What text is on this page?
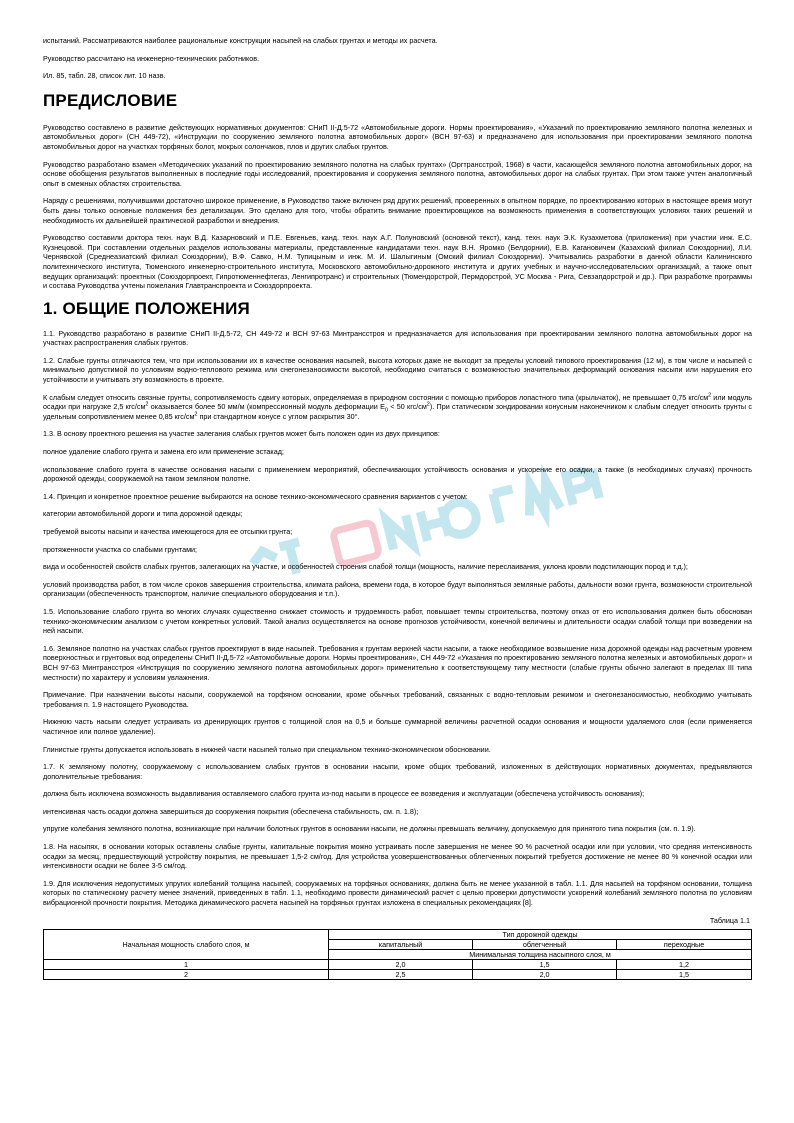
испытаний. Рассматриваются наиболее рациональные конструкции насыпей на слабых грунтах и методы их расчета.

Руководство рассчитано на инженерно-технических работников.

Ил. 85, табл. 28, список лит. 10 назв.

ПРЕДИСЛОВИЕ

Руководство составлено в развитие действующих нормативных документов: СНиП II-Д.5-72 «Автомобильные дороги. Нормы проектирования», «Указаний по проектированию земляного полотна железных и автомобильных дорог» (СН 449-72), «Инструкции по сооружению земляного полотна автомобильных дорог» (ВСН 97-63) и предназначено для использования при проектировании земляного полотна автомобильных дорог на участках торфяных болот, мокрых солончаков, плов и других слабых грунтов.

Руководство разработано взамен «Методических указаний по проектированию земляного полотна на слабых грунтах» (Оргтрансстрой, 1968) в части, касающейся земляного полотна автомобильных дорог, на основе обобщения результатов выполненных в последние годы исследований, проектирования и сооружения земляного полотна, автомобильных дорог на слабых грунтах. При этом также учтен аналогичный опыт в смежных областях строительства.

Наряду с решениями, получившими достаточно широкое применение, в Руководство также включен ряд других решений, проверенных в опытном порядке, по проектированию которых в настоящее время могут быть даны только основные положения без детализации. Это сделано для того, чтобы обратить внимание проектировщиков на возможность применения в соответствующих условиях таких решений и необходимость их дальнейшей практической разработки и внедрения.

Руководство составили докторa техн. наук В.Д. Казарновский и П.Е. Евгеньев, канд. техн. наук А.Г. Полуновский (основной текст), канд. техн. наук Э.К. Кузахметова (приложения) при участии инж. Е.С. Кузнецовой. При составлении отдельных разделов использованы материалы, представленные кандидатами техн. наук В.Н. Яромко (Белдорнии), Е.В. Кагановичем (Казахский филиал Союздорнии), Л.И. Чернявской (Среднеазиатский филиал Союздорнии), В.Ф. Савко, Н.М. Тупицыным и инж. М. И. Шалыгиным (Омский филиал Союздорнии). Учитывались разработки в данной области Калининского политехнического института, Тюменского инженерно-строительного института, Московского автомобильно-дорожного института и других учебных и научно-исследовательских организаций, а также опыт ведущих организаций: проектных (Союздорпроект, Гипротюменнефтегаз, Ленгипротранс) и строительных (Тюмендорстрой, Пермдорстрой, УС Москва - Рига, Севзапдорстрой и др.). При разработке программы и состава Руководства учтены пожелания Главтранспроекта и Союздорпроекта.

1. ОБЩИЕ ПОЛОЖЕНИЯ

1.1. Руководство разработано в развитие СНиП II-Д.5-72, СН 449-72 и ВСН 97-63 Минтрансстроя и предназначается для использования при проектировании земляного полотна автомобильных дорог на участках распространения слабых грунтов.

1.2. Слабые грунты отличаются тем, что при использовании их в качестве основания насыпей, высота которых даже не выходит за пределы условий типового проектирования (12 м), в том числе и насыпей с минимально допустимой по условиям водно-теплового режима или снегонезаносимости высотой, необходимо считаться с возможностью значительных деформаций основания насыпи или нарушения его устойчивости и учитывать эту возможность в проекте.

К слабым следует относить связные грунты, сопротивляемость сдвигу которых, определяемая в природном состоянии с помощью приборов лопастного типа (крыльчаток), не превышает 0,75 кгс/$см^2$ или модуль осадки при нагрузке 2,5 кгс/$см^2$ оказывается более 50 мм/м (компрессионный модуль деформации $Е_0 < 50$ кгс/$см^2$). При статическом зондировании конусным наконечником к слабым следует относить грунты с удельным сопротивлением менее 0,85 кгс/$см^2$ при стандартном конусе с углом раскрытия 30°.

1.3. В основу проектного решения на участке залегания слабых грунтов может быть положен один из двух принципов:

полное удаление слабого грунта и замена его или применение эстакад;

использование слабого грунта в качестве основания насыпи с применением мероприятий, обеспечивающих устойчивость основания и ускорение его осадки, а также (в необходимых случаях) прочность дорожной одежды, сооружаемой на таком земляном полотне.

1.4. Принцип и конкретное проектное решение выбираются на основе технико-экономического сравнения вариантов с учетом:

категории автомобильной дороги и типа дорожной одежды;

требуемой высоты насыпи и качества имеющегося для ее отсыпки грунта;

протяженности участка со слабыми грунтами;

вида и особенностей свойств слабых грунтов, залегающих на участке, и особенностей строения слабой толщи (мощность, наличие переслаивания, уклона кровли подстилающих пород и т.д.);

условий производства работ, в том числе сроков завершения строительства, климата района, времени года, в которое будут выполняться земляные работы, дальности возки грунта, возможности строительной организации (обеспеченность транспортом, наличие специального оборудования и т.п.).

1.5. Использование слабого грунта во многих случаях существенно снижает стоимость и трудоемкость работ, повышает темпы строительства, поэтому отказ от его использования должен быть обоснован технико-экономическим анализом с учетом конкретных условий. Такой анализ осуществляется на основе прогнозов устойчивости, конечной величины и длительности осадки слабой толщи при возведении на ней насыпи.

1.6. Земляное полотно на участках слабых грунтов проектируют в виде насыпей. Требования к грунтам верхней части насыпи, а также необходимое возвышение низа дорожной одежды над расчетным уровнем поверхностных и грунтовых вод определены СНиП II-Д.5-72 «Автомобильные дороги. Нормы проектирования», СН 449-72 «Указания по проектированию земляного полотна железных и автомобильных дорог» и ВСН 97-63 Минтрансстроя «Инструкция по сооружению земляного полотна автомобильных дорог» применительно к соответствующему типу местности (слабые грунты обычно залегают в пределах III типа местности) по характеру и условиям увлажнения.

Примечание. При назначении высоты насыпи, сооружаемой на торфяном основании, кроме обычных требований, связанных с водно-тепловым режимом и снегонезаносимостью, необходимо учитывать требования п. 1.9 настоящего Руководства.

Нижнюю часть насыпи следует устраивать из дренирующих грунтов с толщиной слоя на 0,5 и больше суммарной величины расчетной осадки основания и мощности удаляемого слоя (если применяется частичное или полное удаление).

Глинистые грунты допускается использовать в нижней части насыпей только при специальном технико-экономическом обосновании.

1.7. К земляному полотну, сооружаемому с использованием слабых грунтов в основании насыпи, кроме общих требований, изложенных в действующих нормативных документах, предъявляются дополнительные требования:

должна быть исключена возможность выдавливания оставляемого слабого грунта из-под насыпи в процессе ее возведения и эксплуатации (обеспечена устойчивость основания);

интенсивная часть осадки должна завершиться до сооружения покрытия (обеспечена стабильность, см. п. 1.8);

упругие колебания земляного полотна, возникающие при наличии болотных грунтов в основании насыпи, не должны превышать величину, допускаемую для принятого типа покрытия (см. п. 1.9).

1.8. На насыпях, в основании которых оставлены слабые грунты, капитальные покрытия можно устраивать после завершения не менее 90 % расчетной осадки или при условии, что средняя интенсивность осадки за месяц, предшествующий устройству покрытия, не превышает 1,5-2 см/год. Для устройства усовершенствованных облегченных покрытий требуется достижение не менее 80 % конечной осадки или интенсивности осадки не более 3-5 см/год.

1.9. Для исключения недопустимых упругих колебаний толщина насыпей, сооружаемых на торфяных основаниях, должна быть не менее указанной в табл. 1.1. Для насыпей на торфяном основании, толщина которых по статическому расчету менее значений, приведенных в табл. 1.1, необходимо провести динамический расчет с целью проверки допустимости ускорений колебаний земляного полотна по условиям вибрационной прочности покрытия. Методика динамического расчета насыпей на торфяных грунтах изложена в специальных рекомендациях [8].

Таблица 1.1
Начальная мощность слабого слоя, м	Тип дорожной одежды		
	капитальный	облегченный	переходные
	Минимальная толщина насыпного слоя, м		
1	2,0	1,5	1,2
2	2,5	2,0	1,5
